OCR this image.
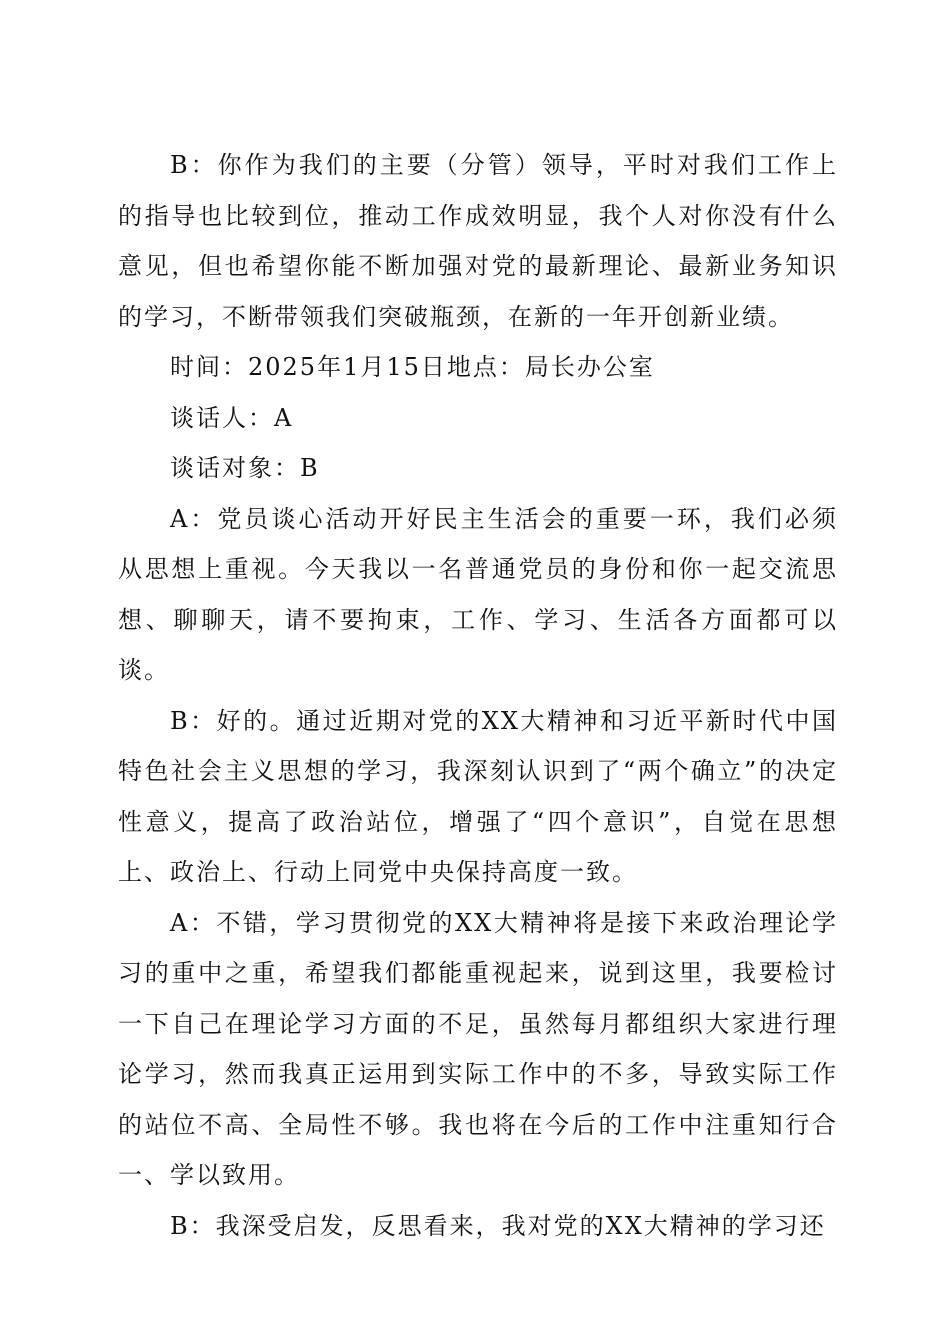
B：你作为我们的主要（分管）领导，平时对我们工作上的指导也比较到位，推动工作成效明显，我个人对你没有什么意见，但也希望你能不断加强对党的最新理论、最新业务知识的学习，不断带领我们突破瓶颈，在新的一年开创新业绩。

时间：2025年1月15日地点：局长办公室

谈话人：A

谈话对象：B

A：党员谈心活动开好民主生活会的重要一环，我们必须从思想上重视。今天我以一名普通党员的身份和你一起交流思想、聊聊天，请不要拘束，工作、学习、生活各方面都可以谈。

B：好的。通过近期对党的XX大精神和习近平新时代中国特色社会主义思想的学习，我深刻认识到了“两个确立”的决定性意义，提高了政治站位，增强了“四个意识”，自觉在思想上、政治上、行动上同党中央保持高度一致。

A：不错，学习贯彻党的XX大精神将是接下来政治理论学习的重中之重，希望我们都能重视起来，说到这里，我要检讨一下自己在理论学习方面的不足，虽然每月都组织大家进行理论学习，然而我真正运用到实际工作中的不多，导致实际工作的站位不高、全局性不够。我也将在今后的工作中注重知行合一、学以致用。

B：我深受启发，反思看来，我对党的XX大精神的学习还
